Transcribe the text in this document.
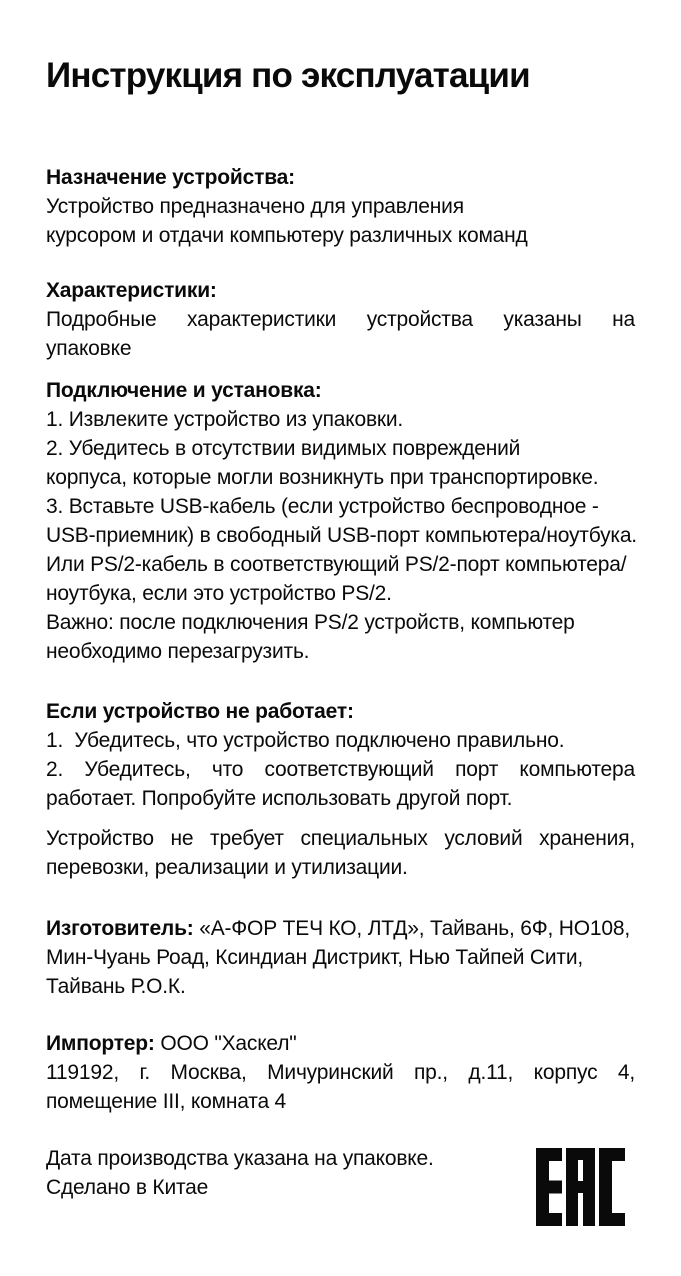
Инструкция по эксплуатации
Назначение устройства:
Устройство предназначено для управления
курсором и отдачи компьютеру различных команд
Характеристики:
Подробные характеристики устройства указаны на
упаковке
Подключение и установка:
1. Извлеките устройство из упаковки.
2. Убедитесь в отсутствии видимых повреждений
корпуса, которые могли возникнуть при транспортировке.
3. Вставьте USB-кабель (если устройство беспроводное -
USB-приемник) в свободный USB-порт компьютера/ноутбука.
Или PS/2-кабель в соответствующий PS/2-порт компьютера/
ноутбука, если это устройство PS/2.
Важно: после подключения PS/2 устройств, компьютер
необходимо перезагрузить.
Если устройство не работает:
1.  Убедитесь, что устройство подключено правильно.
2. Убедитесь, что соответствующий порт компьютера
работает. Попробуйте использовать другой порт.
Устройство не требует специальных условий хранения,
перевозки, реализации и утилизации.
Изготовитель: «А-ФОР ТЕЧ КО, ЛТД», Тайвань, 6Ф, НО108,
Мин-Чуань Роад, Ксиндиан Дистрикт, Нью Тайпей Сити,
Тайвань Р.О.К.
Импортер: ООО "Хаскел"
119192, г. Москва, Мичуринский пр., д.11, корпус 4,
помещение III, комната 4
Дата производства указана на упаковке.
Сделано в Китае
